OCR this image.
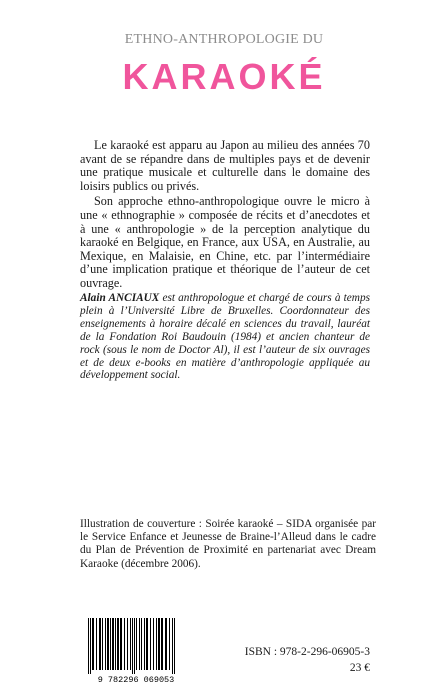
ETHNO-ANTHROPOLOGIE DU
KARAOKÉ

Le karaoké est apparu au Japon au milieu des années 70 avant de se répandre dans de multiples pays et de devenir une pratique musicale et culturelle dans le domaine des loisirs publics ou privés.

Son approche ethno-anthropologique ouvre le micro à une « ethnographie » composée de récits et d’anecdotes et à une « anthropologie » de la perception analytique du karaoké en Belgique, en France, aux USA, en Australie, au Mexique, en Malaisie, en Chine, etc. par l’intermédiaire d’une implication pratique et théorique de l’auteur de cet ouvrage.

Alain ANCIAUX est anthropologue et chargé de cours à temps plein à l’Université Libre de Bruxelles. Coordonnateur des enseignements à horaire décalé en sciences du travail, lauréat de la Fondation Roi Baudouin (1984) et ancien chanteur de rock (sous le nom de Doctor Al), il est l’auteur de six ouvrages et de deux e-books en matière d’anthropologie appliquée au développement social.
Illustration de couverture : Soirée karaoké – SIDA organisée par le Service Enfance et Jeunesse de Braine-l’Alleud dans le cadre du Plan de Prévention de Proximité en partenariat avec Dream Karaoke (décembre 2006).
9 782296 069053
ISBN : 978-2-296-06905-3
23 €
